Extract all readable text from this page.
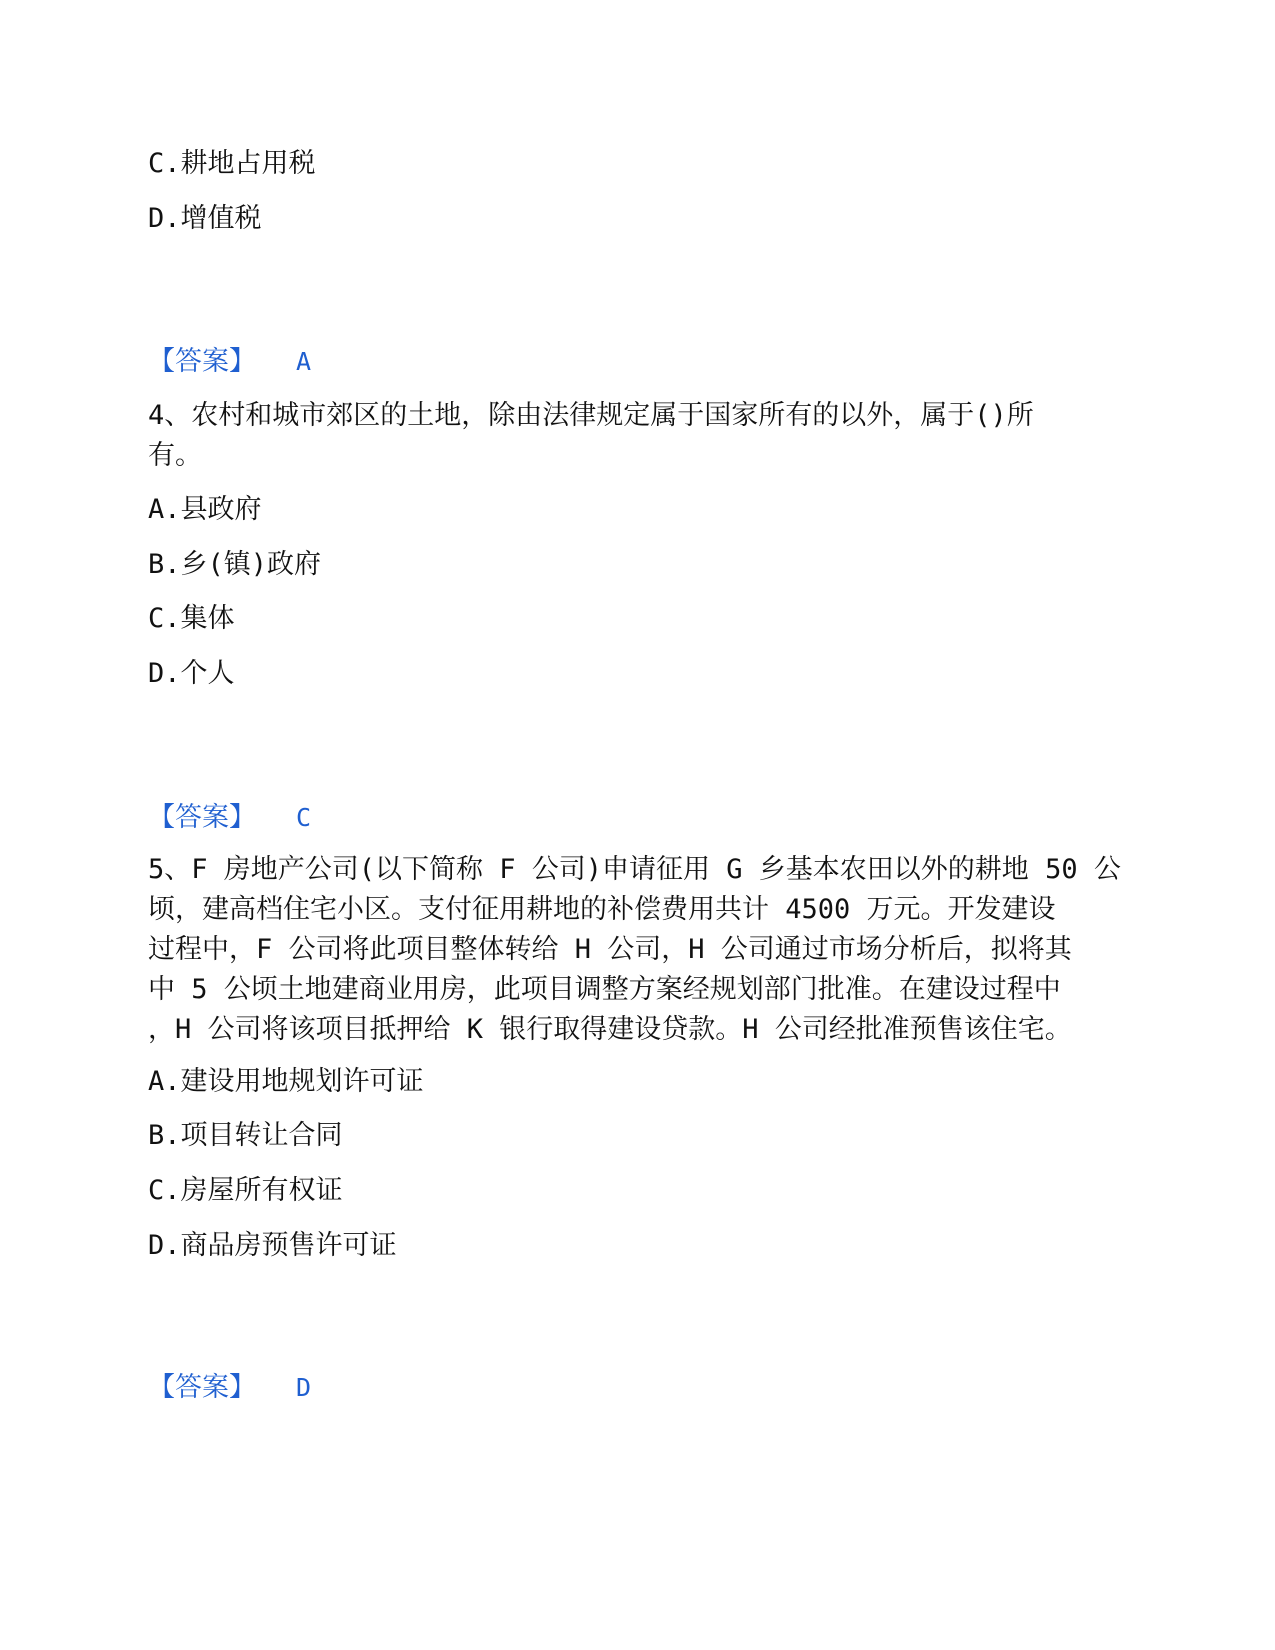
C.耕地占用税
D.增值税
【答案】 A
4、农村和城市郊区的土地，除由法律规定属于国家所有的以外，属于()所
有。
A.县政府
B.乡(镇)政府
C.集体
D.个人
【答案】 C
5、F 房地产公司(以下简称 F 公司)申请征用 G 乡基本农田以外的耕地 50 公
顷，建高档住宅小区。支付征用耕地的补偿费用共计 4500 万元。开发建设
过程中，F 公司将此项目整体转给 H 公司，H 公司通过市场分析后，拟将其
中 5 公顷土地建商业用房，此项目调整方案经规划部门批准。在建设过程中
，H 公司将该项目抵押给 K 银行取得建设贷款。H 公司经批准预售该住宅。
A.建设用地规划许可证
B.项目转让合同
C.房屋所有权证
D.商品房预售许可证
【答案】 D
